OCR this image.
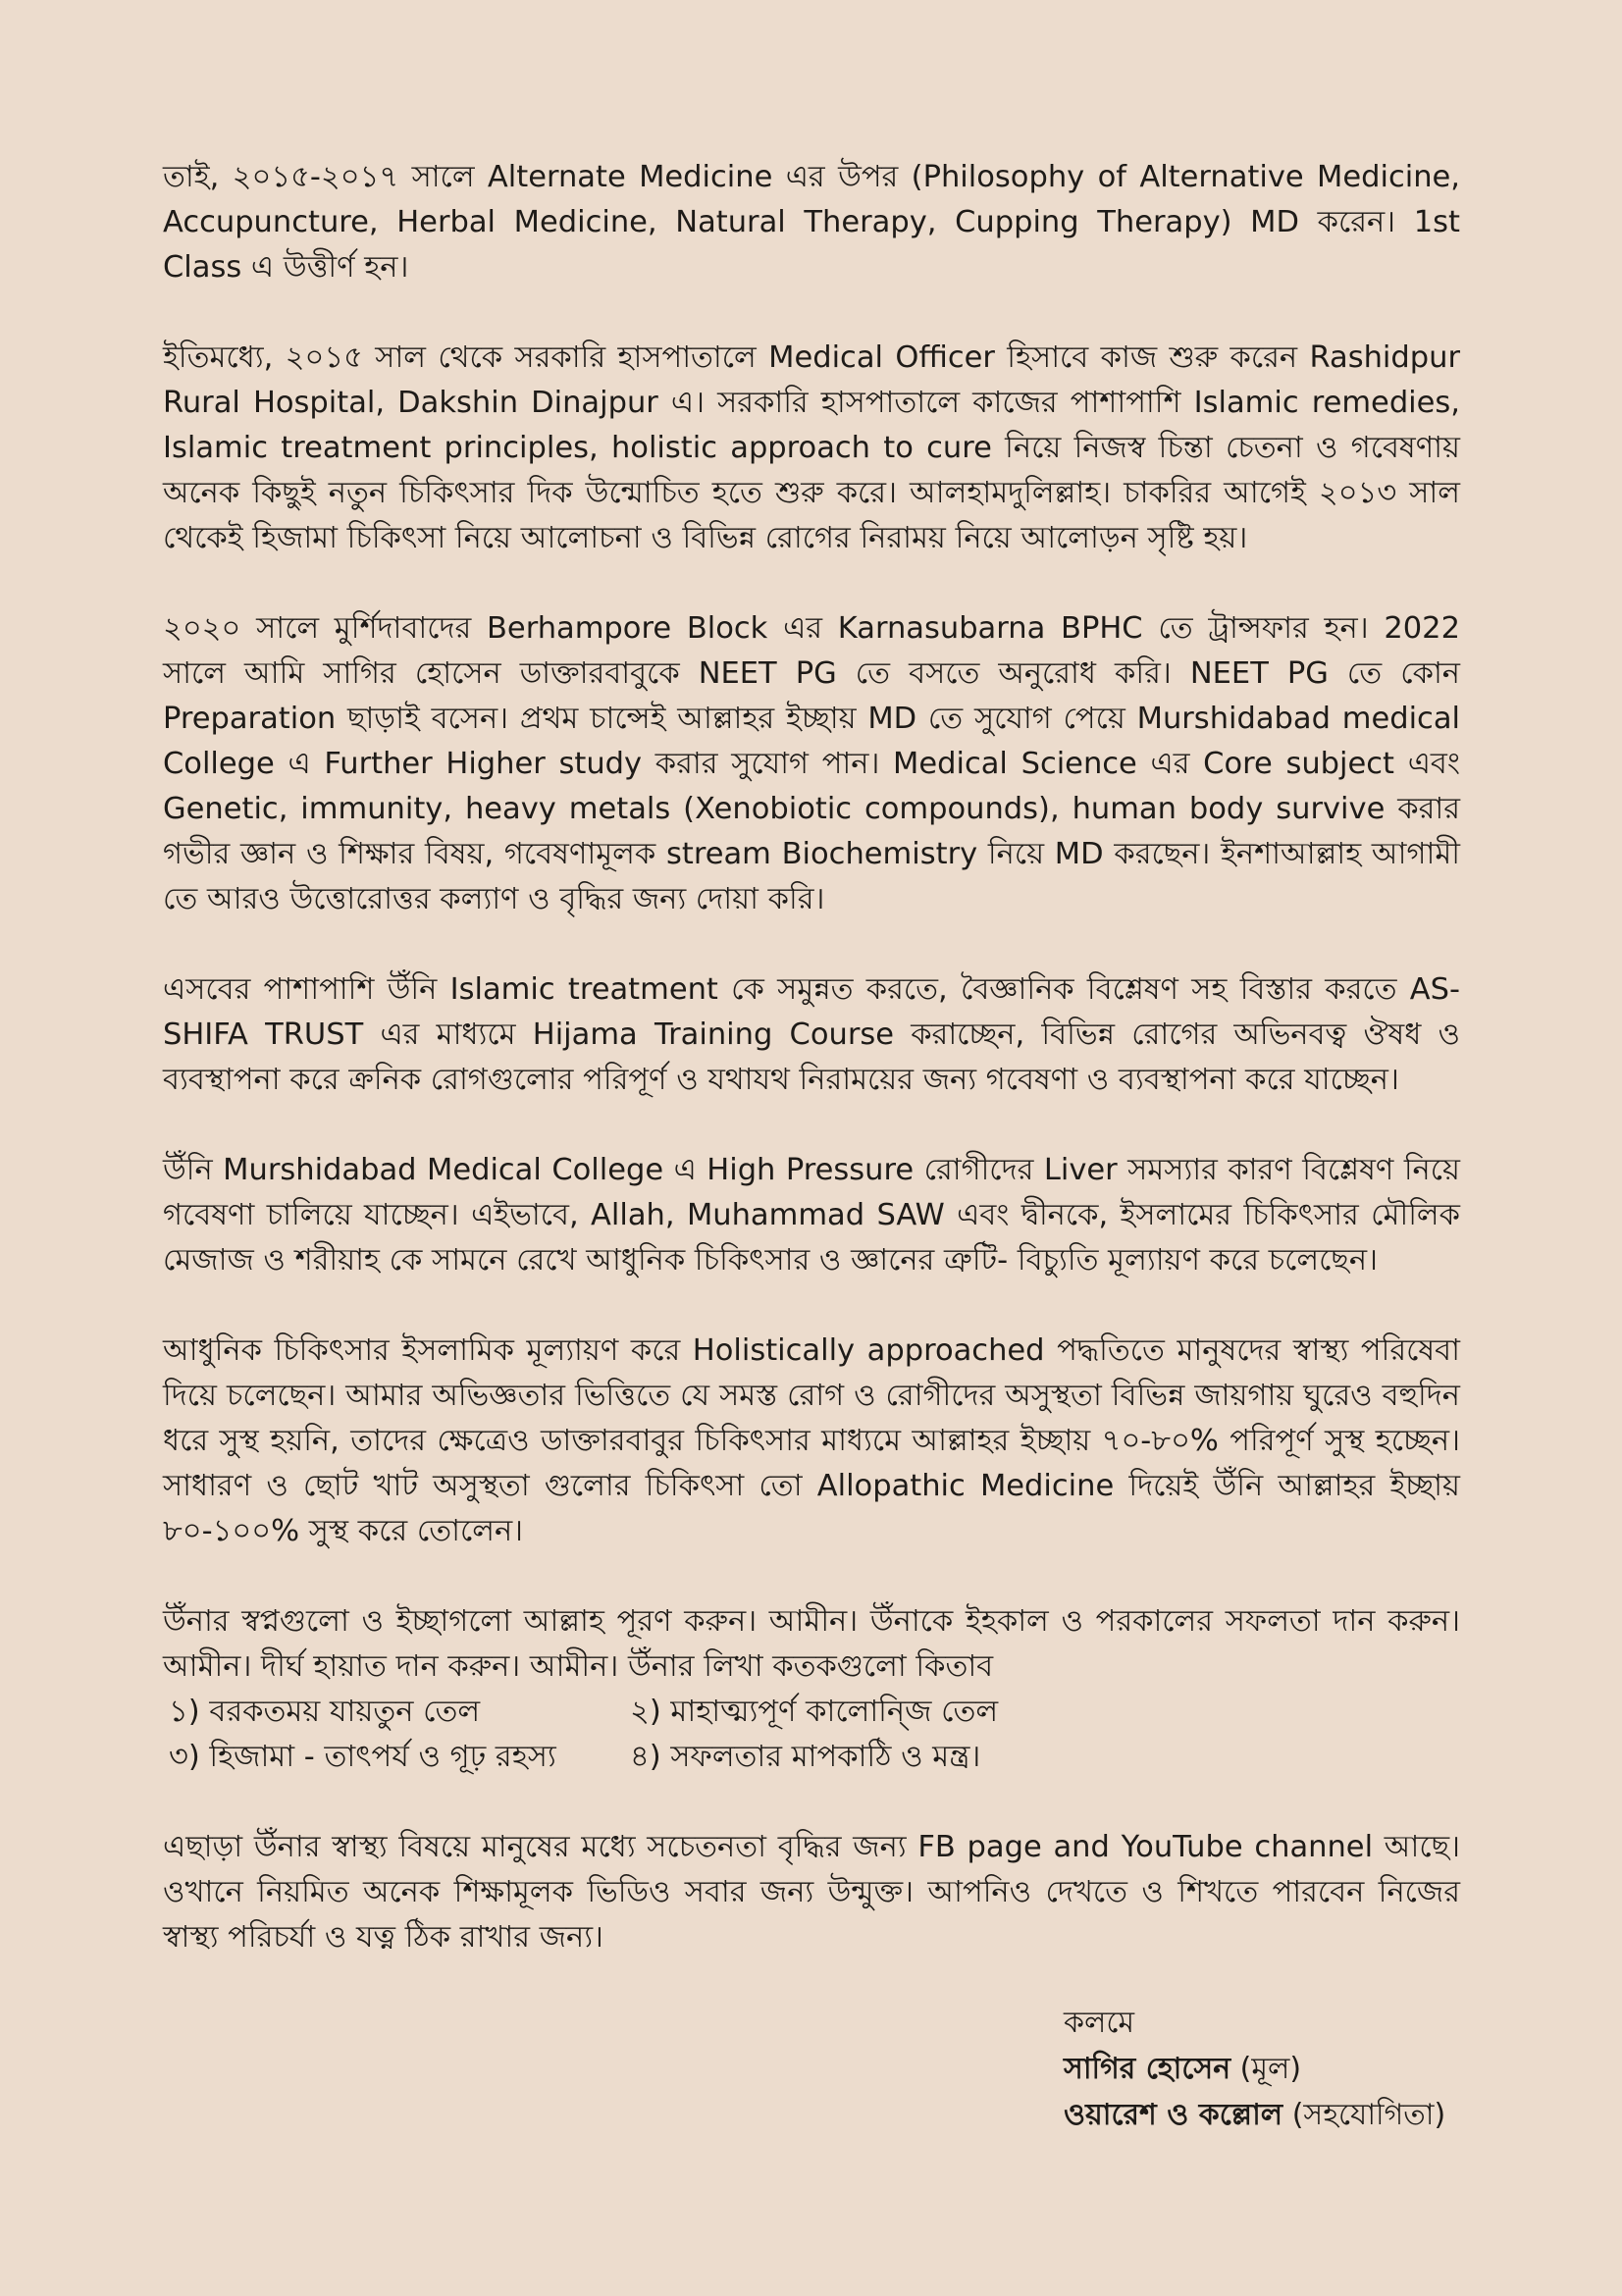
তাই, ২০১৫-২০১৭ সালে Alternate Medicine এর উপর (Philosophy of Alternative Medicine, Accupuncture, Herbal Medicine, Natural Therapy, Cupping Therapy) MD করেন। 1st Class এ উত্তীর্ণ হন।

ইতিমধ্যে, ২০১৫ সাল থেকে সরকারি হাসপাতালে Medical Officer হিসাবে কাজ শুরু করেন Rashidpur Rural Hospital, Dakshin Dinajpur এ। সরকারি হাসপাতালে কাজের পাশাপাশি Islamic remedies, Islamic treatment principles, holistic approach to cure নিয়ে নিজস্ব চিন্তা চেতনা ও গবেষণায় অনেক কিছুই নতুন চিকিৎসার দিক উন্মোচিত হতে শুরু করে। আলহামদুলিল্লাহ। চাকরির আগেই ২০১৩ সাল থেকেই হিজামা চিকিৎসা নিয়ে আলোচনা ও বিভিন্ন রোগের নিরাময় নিয়ে আলোড়ন সৃষ্টি হয়।

২০২০ সালে মুর্শিদাবাদের Berhampore Block এর Karnasubarna BPHC তে ট্রান্সফার হন। 2022 সালে আমি সাগির হোসেন ডাক্তারবাবুকে NEET PG তে বসতে অনুরোধ করি। NEET PG তে কোন Preparation ছাড়াই বসেন। প্রথম চান্সেই আল্লাহর ইচ্ছায় MD তে সুযোগ পেয়ে Murshidabad medical College এ Further Higher study করার সুযোগ পান। Medical Science এর Core subject এবং Genetic, immunity, heavy metals (Xenobiotic compounds), human body survive করার গভীর জ্ঞান ও শিক্ষার বিষয়, গবেষণামূলক stream Biochemistry নিয়ে MD করছেন। ইনশাআল্লাহ আগামী তে আরও উত্তোরোত্তর কল্যাণ ও বৃদ্ধির জন্য দোয়া করি।

এসবের পাশাপাশি উঁনি Islamic treatment কে সমুন্নত করতে, বৈজ্ঞানিক বিশ্লেষণ সহ বিস্তার করতে AS-SHIFA TRUST এর মাধ্যমে Hijama Training Course করাচ্ছেন, বিভিন্ন রোগের অভিনবত্ব ঔষধ ও ব্যবস্থাপনা করে ক্রনিক রোগগুলোর পরিপূর্ণ ও যথাযথ নিরাময়ের জন্য গবেষণা ও ব্যবস্থাপনা করে যাচ্ছেন।

উঁনি Murshidabad Medical College এ High Pressure রোগীদের Liver সমস্যার কারণ বিশ্লেষণ নিয়ে গবেষণা চালিয়ে যাচ্ছেন। এইভাবে, Allah, Muhammad SAW এবং দ্বীনকে, ইসলামের চিকিৎসার মৌলিক মেজাজ ও শরীয়াহ কে সামনে রেখে আধুনিক চিকিৎসার ও জ্ঞানের ত্রুটি- বিচ্যুতি মূল্যায়ণ করে চলেছেন।

আধুনিক চিকিৎসার ইসলামিক মূল্যায়ণ করে Holistically approached পদ্ধতিতে মানুষদের স্বাস্থ্য পরিষেবা দিয়ে চলেছেন। আমার অভিজ্ঞতার ভিত্তিতে যে সমস্ত রোগ ও রোগীদের অসুস্থতা বিভিন্ন জায়গায় ঘুরেও বহুদিন ধরে সুস্থ হয়নি, তাদের ক্ষেত্রেও ডাক্তারবাবুর চিকিৎসার মাধ্যমে আল্লাহর ইচ্ছায় ৭০-৮০% পরিপূর্ণ সুস্থ হচ্ছেন। সাধারণ ও ছোট খাট অসুস্থতা গুলোর চিকিৎসা তো Allopathic Medicine দিয়েই উঁনি আল্লাহর ইচ্ছায় ৮০-১০০% সুস্থ করে তোলেন।

উঁনার স্বপ্নগুলো ও ইচ্ছাগলো আল্লাহ পূরণ করুন। আমীন। উঁনাকে ইহকাল ও পরকালের সফলতা দান করুন। আমীন। দীর্ঘ হায়াত দান করুন। আমীন। উঁনার লিখা কতকগুলো কিতাব

১) বরকতময় যায়তুন তেল	২) মাহাত্ম্যপূর্ণ কালোন্জি তেল
৩) হিজামা - তাৎপর্য ও গূঢ় রহস্য	৪) সফলতার মাপকাঠি ও মন্ত্র।

এছাড়া উঁনার স্বাস্থ্য বিষয়ে মানুষের মধ্যে সচেতনতা বৃদ্ধির জন্য FB page and YouTube channel আছে। ওখানে নিয়মিত অনেক শিক্ষামূলক ভিডিও সবার জন্য উন্মুক্ত। আপনিও দেখতে ও শিখতে পারবেন নিজের স্বাস্থ্য পরিচর্যা ও যত্ন ঠিক রাখার জন্য।

কলমে
সাগির হোসেন (মূল)
ওয়ারেশ ও কল্লোল (সহযোগিতা)
